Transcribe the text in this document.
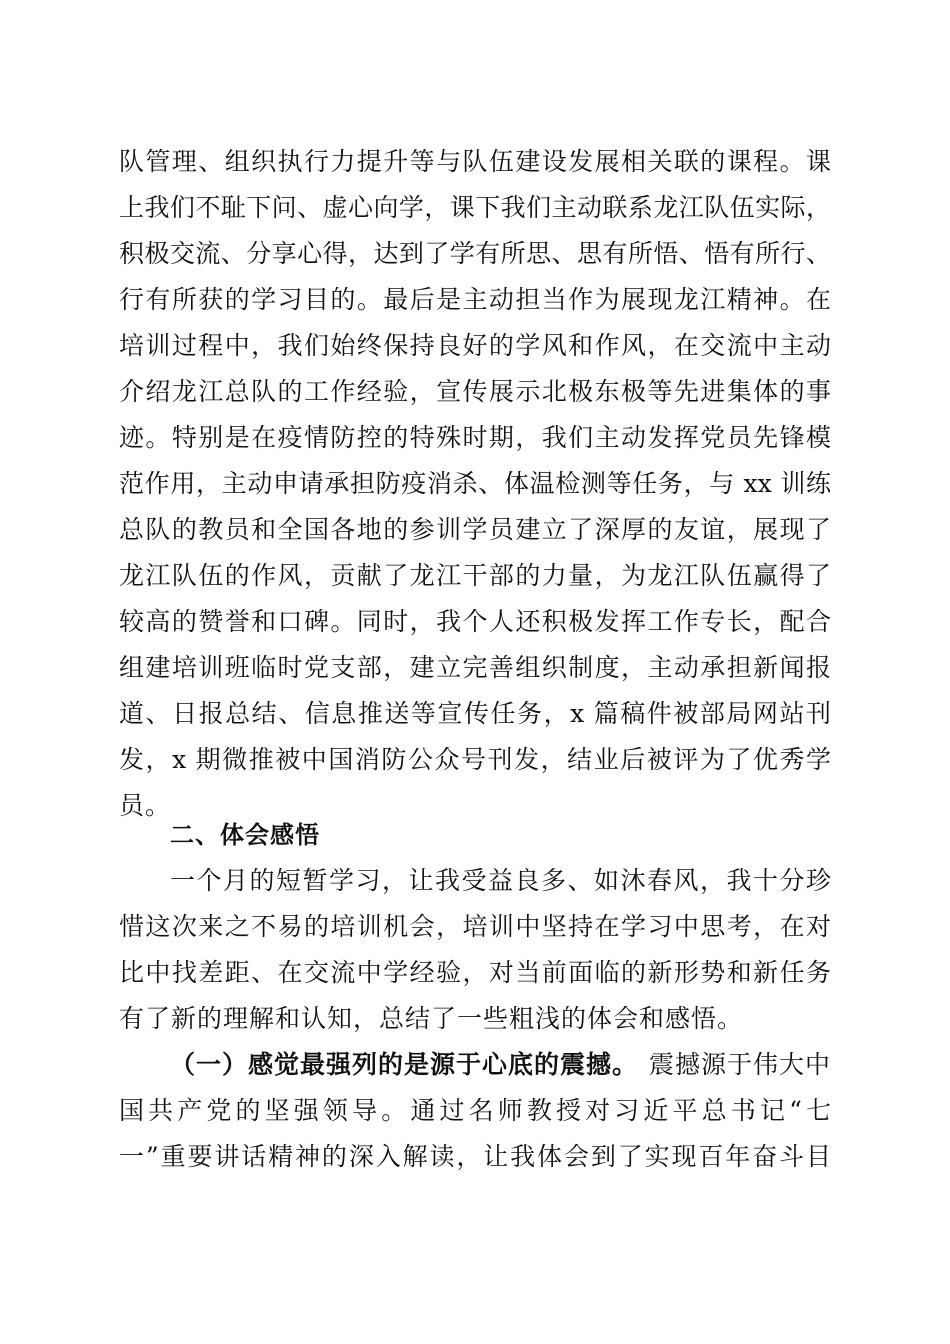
队管理、组织执行力提升等与队伍建设发展相关联的课程。课
上我们不耻下问、虚心向学，课下我们主动联系龙江队伍实际，
积极交流、分享心得，达到了学有所思、思有所悟、悟有所行、
行有所获的学习目的。最后是主动担当作为展现龙江精神。在
培训过程中，我们始终保持良好的学风和作风，在交流中主动
介绍龙江总队的工作经验，宣传展示北极东极等先进集体的事
迹。特别是在疫情防控的特殊时期，我们主动发挥党员先锋模
范作用，主动申请承担防疫消杀、体温检测等任务，与 xx 训练
总队的教员和全国各地的参训学员建立了深厚的友谊，展现了
龙江队伍的作风，贡献了龙江干部的力量，为龙江队伍赢得了
较高的赞誉和口碑。同时，我个人还积极发挥工作专长，配合
组建培训班临时党支部，建立完善组织制度，主动承担新闻报
道、日报总结、信息推送等宣传任务，x 篇稿件被部局网站刊
发，x 期微推被中国消防公众号刊发，结业后被评为了优秀学
员。
二、体会感悟
一个月的短暂学习，让我受益良多、如沐春风，我十分珍
惜这次来之不易的培训机会，培训中坚持在学习中思考，在对
比中找差距、在交流中学经验，对当前面临的新形势和新任务
有了新的理解和认知，总结了一些粗浅的体会和感悟。
（一）感觉最强列的是源于心底的震撼。 震撼源于伟大中
国共产党的坚强领导。通过名师教授对习近平总书记“七
一”重要讲话精神的深入解读，让我体会到了实现百年奋斗目
